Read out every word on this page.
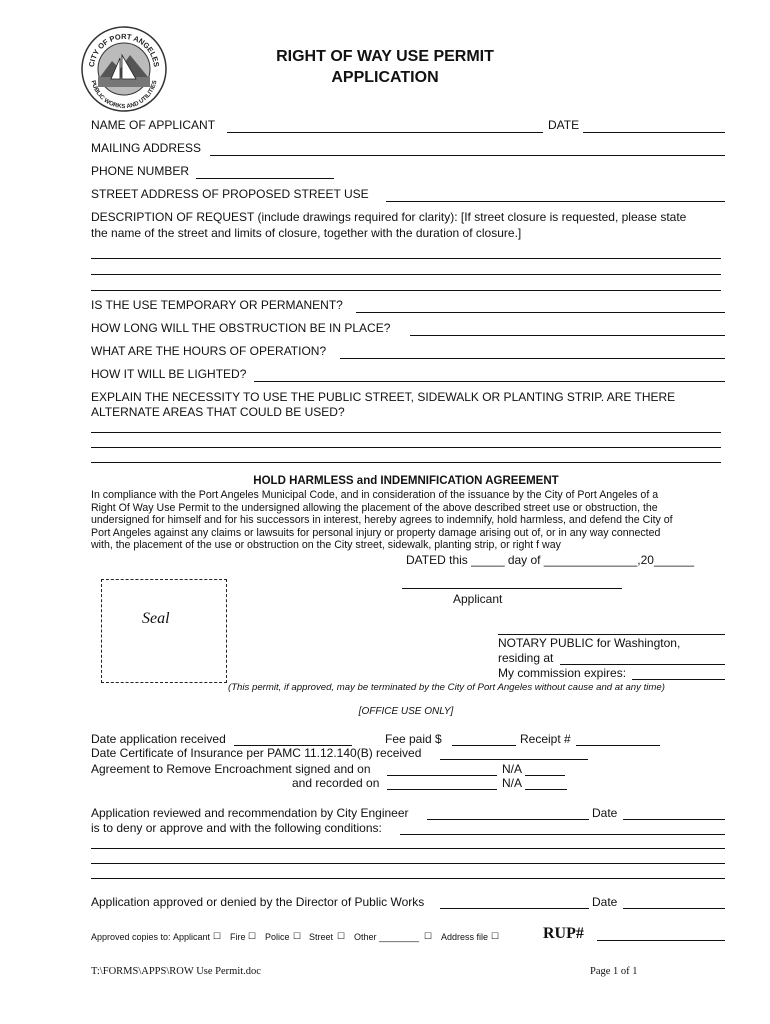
CITY OF PORT ANGELES
PUBLIC WORKS AND UTILITIES
RIGHT OF WAY USE PERMIT
APPLICATION
NAME OF APPLICANT	DATE
MAILING ADDRESS
PHONE NUMBER
STREET ADDRESS OF PROPOSED STREET USE
DESCRIPTION OF REQUEST (include drawings required for clarity): [If street closure is requested, please state
the name of the street and limits of closure, together with the duration of closure.]
IS THE USE TEMPORARY OR PERMANENT?
HOW LONG WILL THE OBSTRUCTION BE IN PLACE?
WHAT ARE THE HOURS OF OPERATION?
HOW IT WILL BE LIGHTED?
EXPLAIN THE NECESSITY TO USE THE PUBLIC STREET, SIDEWALK OR PLANTING STRIP. ARE THERE
ALTERNATE AREAS THAT COULD BE USED?
HOLD HARMLESS and INDEMNIFICATION AGREEMENT
In compliance with the Port Angeles Municipal Code, and in consideration of the issuance by the City of Port Angeles of a
Right Of Way Use Permit to the undersigned allowing the placement of the above described street use or obstruction, the
undersigned for himself and for his successors in interest, hereby agrees to indemnify, hold harmless, and defend the City of
Port Angeles against any claims or lawsuits for personal injury or property damage arising out of, or in any way connected
with, the placement of the use or obstruction on the City street, sidewalk, planting strip, or right f way
DATED this _____ day of ______________,20______
Seal
Applicant
NOTARY PUBLIC for Washington,
residing at
My commission expires:
(This permit, if approved, may be terminated by the City of Port Angeles without cause and at any time)
[OFFICE USE ONLY]
Date application received	Fee paid $	Receipt #
Date Certificate of Insurance per PAMC 11.12.140(B) received
Agreement to Remove Encroachment signed and on	N/A
and recorded on	N/A
Application reviewed and recommendation by City Engineer	Date
is to deny or approve and with the following conditions:
Application approved or denied by the Director of Public Works	Date
Approved copies to: Applicant ☐ Fire ☐ Police ☐ Street ☐ Other ________ ☐ Address file ☐	RUP#
T:\FORMS\APPS\ROW Use Permit.doc	Page 1 of 1
